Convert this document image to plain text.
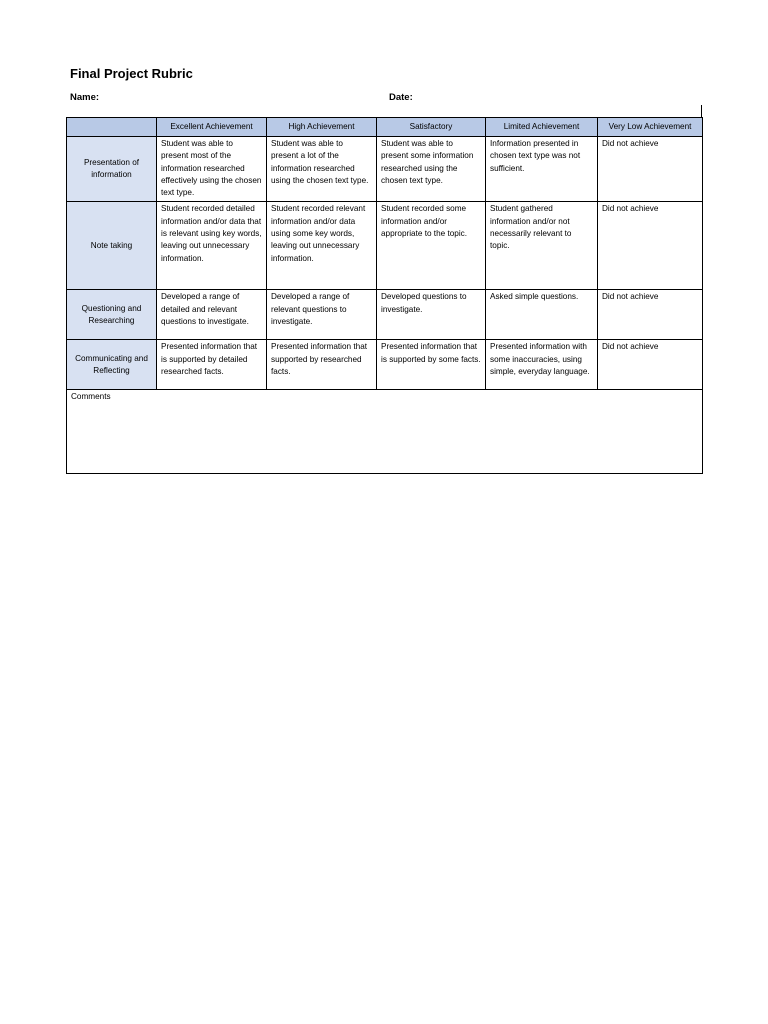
Final Project Rubric
Name:	Date:
	Excellent Achievement	High Achievement	Satisfactory	Limited Achievement	Very Low Achievement
Presentation of information	Student was able to present most of the information researched effectively using the chosen text type.	Student was able to present a lot of the information researched using the chosen text type.	Student was able to present some information researched using the chosen text type.	Information presented in chosen text type was not sufficient.	Did not achieve
Note taking	Student recorded detailed information and/or data that is relevant using key words, leaving out unnecessary information.	Student recorded relevant information and/or data using some key words, leaving out unnecessary information.	Student recorded some information and/or appropriate to the topic.	Student gathered information and/or not necessarily relevant to topic.	Did not achieve
Questioning and Researching	Developed a range of detailed and relevant questions to investigate.	Developed a range of relevant questions to investigate.	Developed questions to investigate.	Asked simple questions.	Did not achieve
Communicating and Reflecting	Presented information that is supported by detailed researched facts.	Presented information that supported by researched facts.	Presented information that is supported by some facts.	Presented information with some inaccuracies, using simple, everyday language.	Did not achieve
Comments					
